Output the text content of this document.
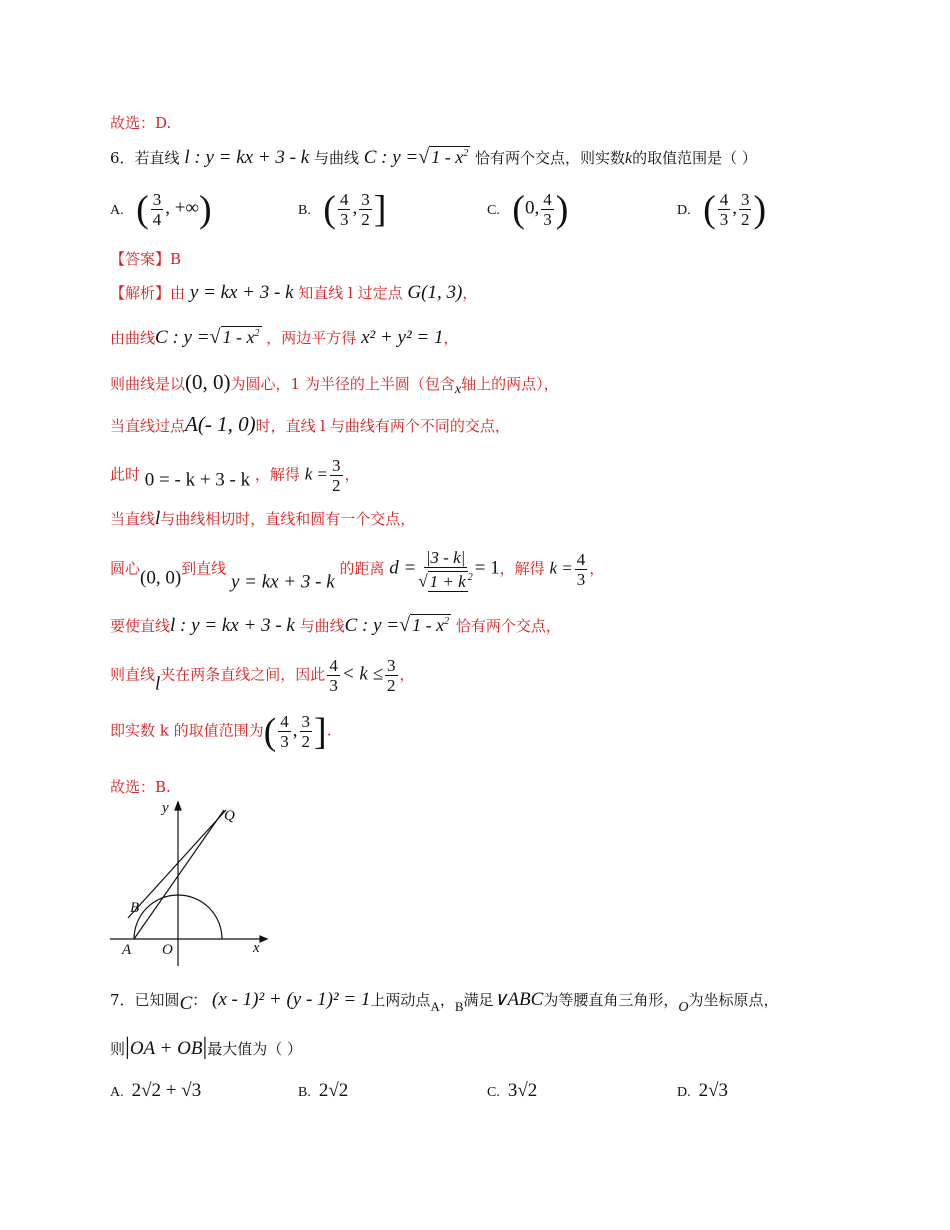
故选：D.
6．若直线 l : y = kx + 3 - k 与曲线 C : y =√ $1 - x^2$ 恰有两个交点，则实数k的取值范围是（ ）
A. ( $\frac{3}{4}$ , +∞)	B. ( $\frac{4}{3}$ , $\frac{3}{2}$ ]	C. (0, $\frac{4}{3}$ )	D. ( $\frac{4}{3}$ , $\frac{3}{2}$ )
【答案】B
【解析】由 y = kx + 3 - k 知直线 l 过定点 G(1, 3)，
由曲线C : y =√ $1 - x^2$ ，两边平方得 x² + y² = 1，
则曲线是以(0, 0)为圆心，1 为半径的上半圆（包含x轴上的两点），
当直线过点A(- 1, 0)时，直线 l 与曲线有两个不同的交点，
此时 0 = - k + 3 - k ，解得 $k = \frac{3}{2}$ ，
当直线l与曲线相切时，直线和圆有一个交点，
圆心(0, 0)到直线 y = kx + 3 - k 的距离 $d = \frac{|3 - k|}{√ 1 + k ^2} = 1$，解得 $k = \frac{4}{3}$ ，
要使直线l : y = kx + 3 - k 与曲线C : y =√ $1 - x^2$ 恰有两个交点，
则直线l夹在两条直线之间，因此 $\frac{4}{3} < k \le \frac{3}{2}$ ，
即实数 k 的取值范围为( $\frac{4}{3}$ , $\frac{3}{2}$ ].
故选：B.
y
x
Q
B
A O
7．已知圆C： (x - 1)² + (y - 1)² = 1上两动点A，B满足∨ABC为等腰直角三角形，O为坐标原点，
则|OA + OB|最大值为（ ）
A. 2√2 + √3	B. 2√2	C. 3√2	D. 2√3
